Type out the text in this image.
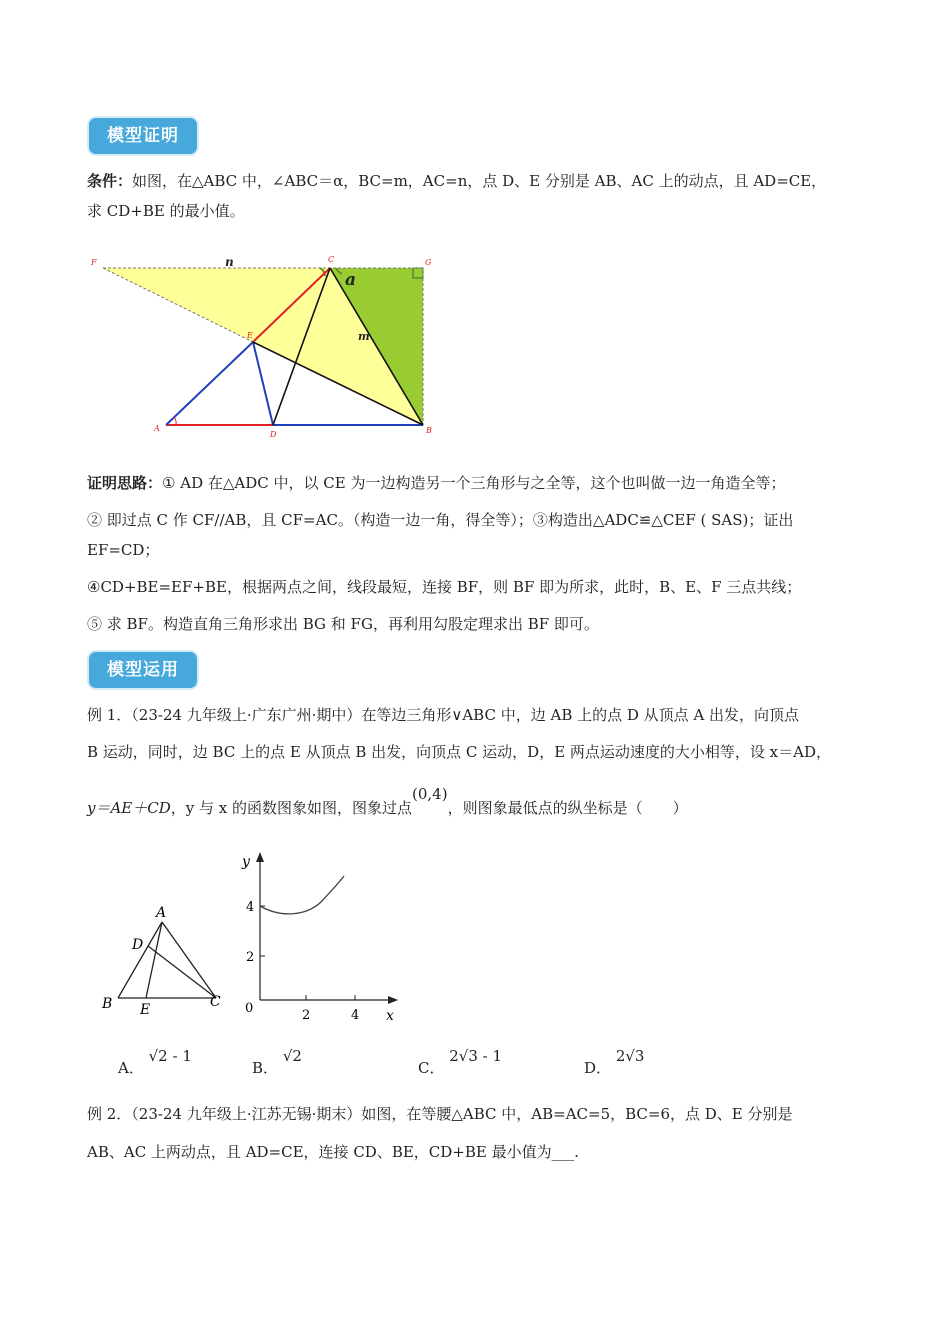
模型证明
条件：如图，在△ABC 中，∠ABC＝α，BC=m，AC=n，点 D、E 分别是 AB、AC 上的动点，且 AD=CE，
求 CD+BE 的最小值。
F	C	G
E
A
D	B
n
m
a
证明思路：① AD 在△ADC 中，以 CE 为一边构造另一个三角形与之全等，这个也叫做一边一角造全等；
② 即过点 C 作 CF//AB，且 CF=AC。（构造一边一角，得全等）；③构造出△ADC≌△CEF ( SAS)；证出
EF=CD；
④CD+BE=EF+BE，根据两点之间，线段最短，连接 BF，则 BF 即为所求，此时，B、E、F 三点共线；
⑤ 求 BF。构造直角三角形求出 BG 和 FG，再利用勾股定理求出 BF 即可。
模型运用
例 1．（23-24 九年级上·广东广州·期中）在等边三角形∨ABC 中，边 AB 上的点 D 从顶点 A 出发，向顶点
B 运动，同时，边 BC 上的点 E 从顶点 B 出发，向顶点 C 运动，D，E 两点运动速度的大小相等，设 x＝AD，
y＝AE＋CD，y 与 x 的函数图象如图，图象过点(0,4)，则图象最低点的纵坐标是（　　）
A
D
B E	C
y
x
4
2
0	2	4
A． √2 - 1
B． √2
C． 2√3 - 1
D． 2√3
例 2．（23-24 九年级上·江苏无锡·期末）如图，在等腰△ABC 中，AB=AC=5，BC=6，点 D、E 分别是
AB、AC 上两动点，且 AD=CE，连接 CD、BE，CD+BE 最小值为___.
